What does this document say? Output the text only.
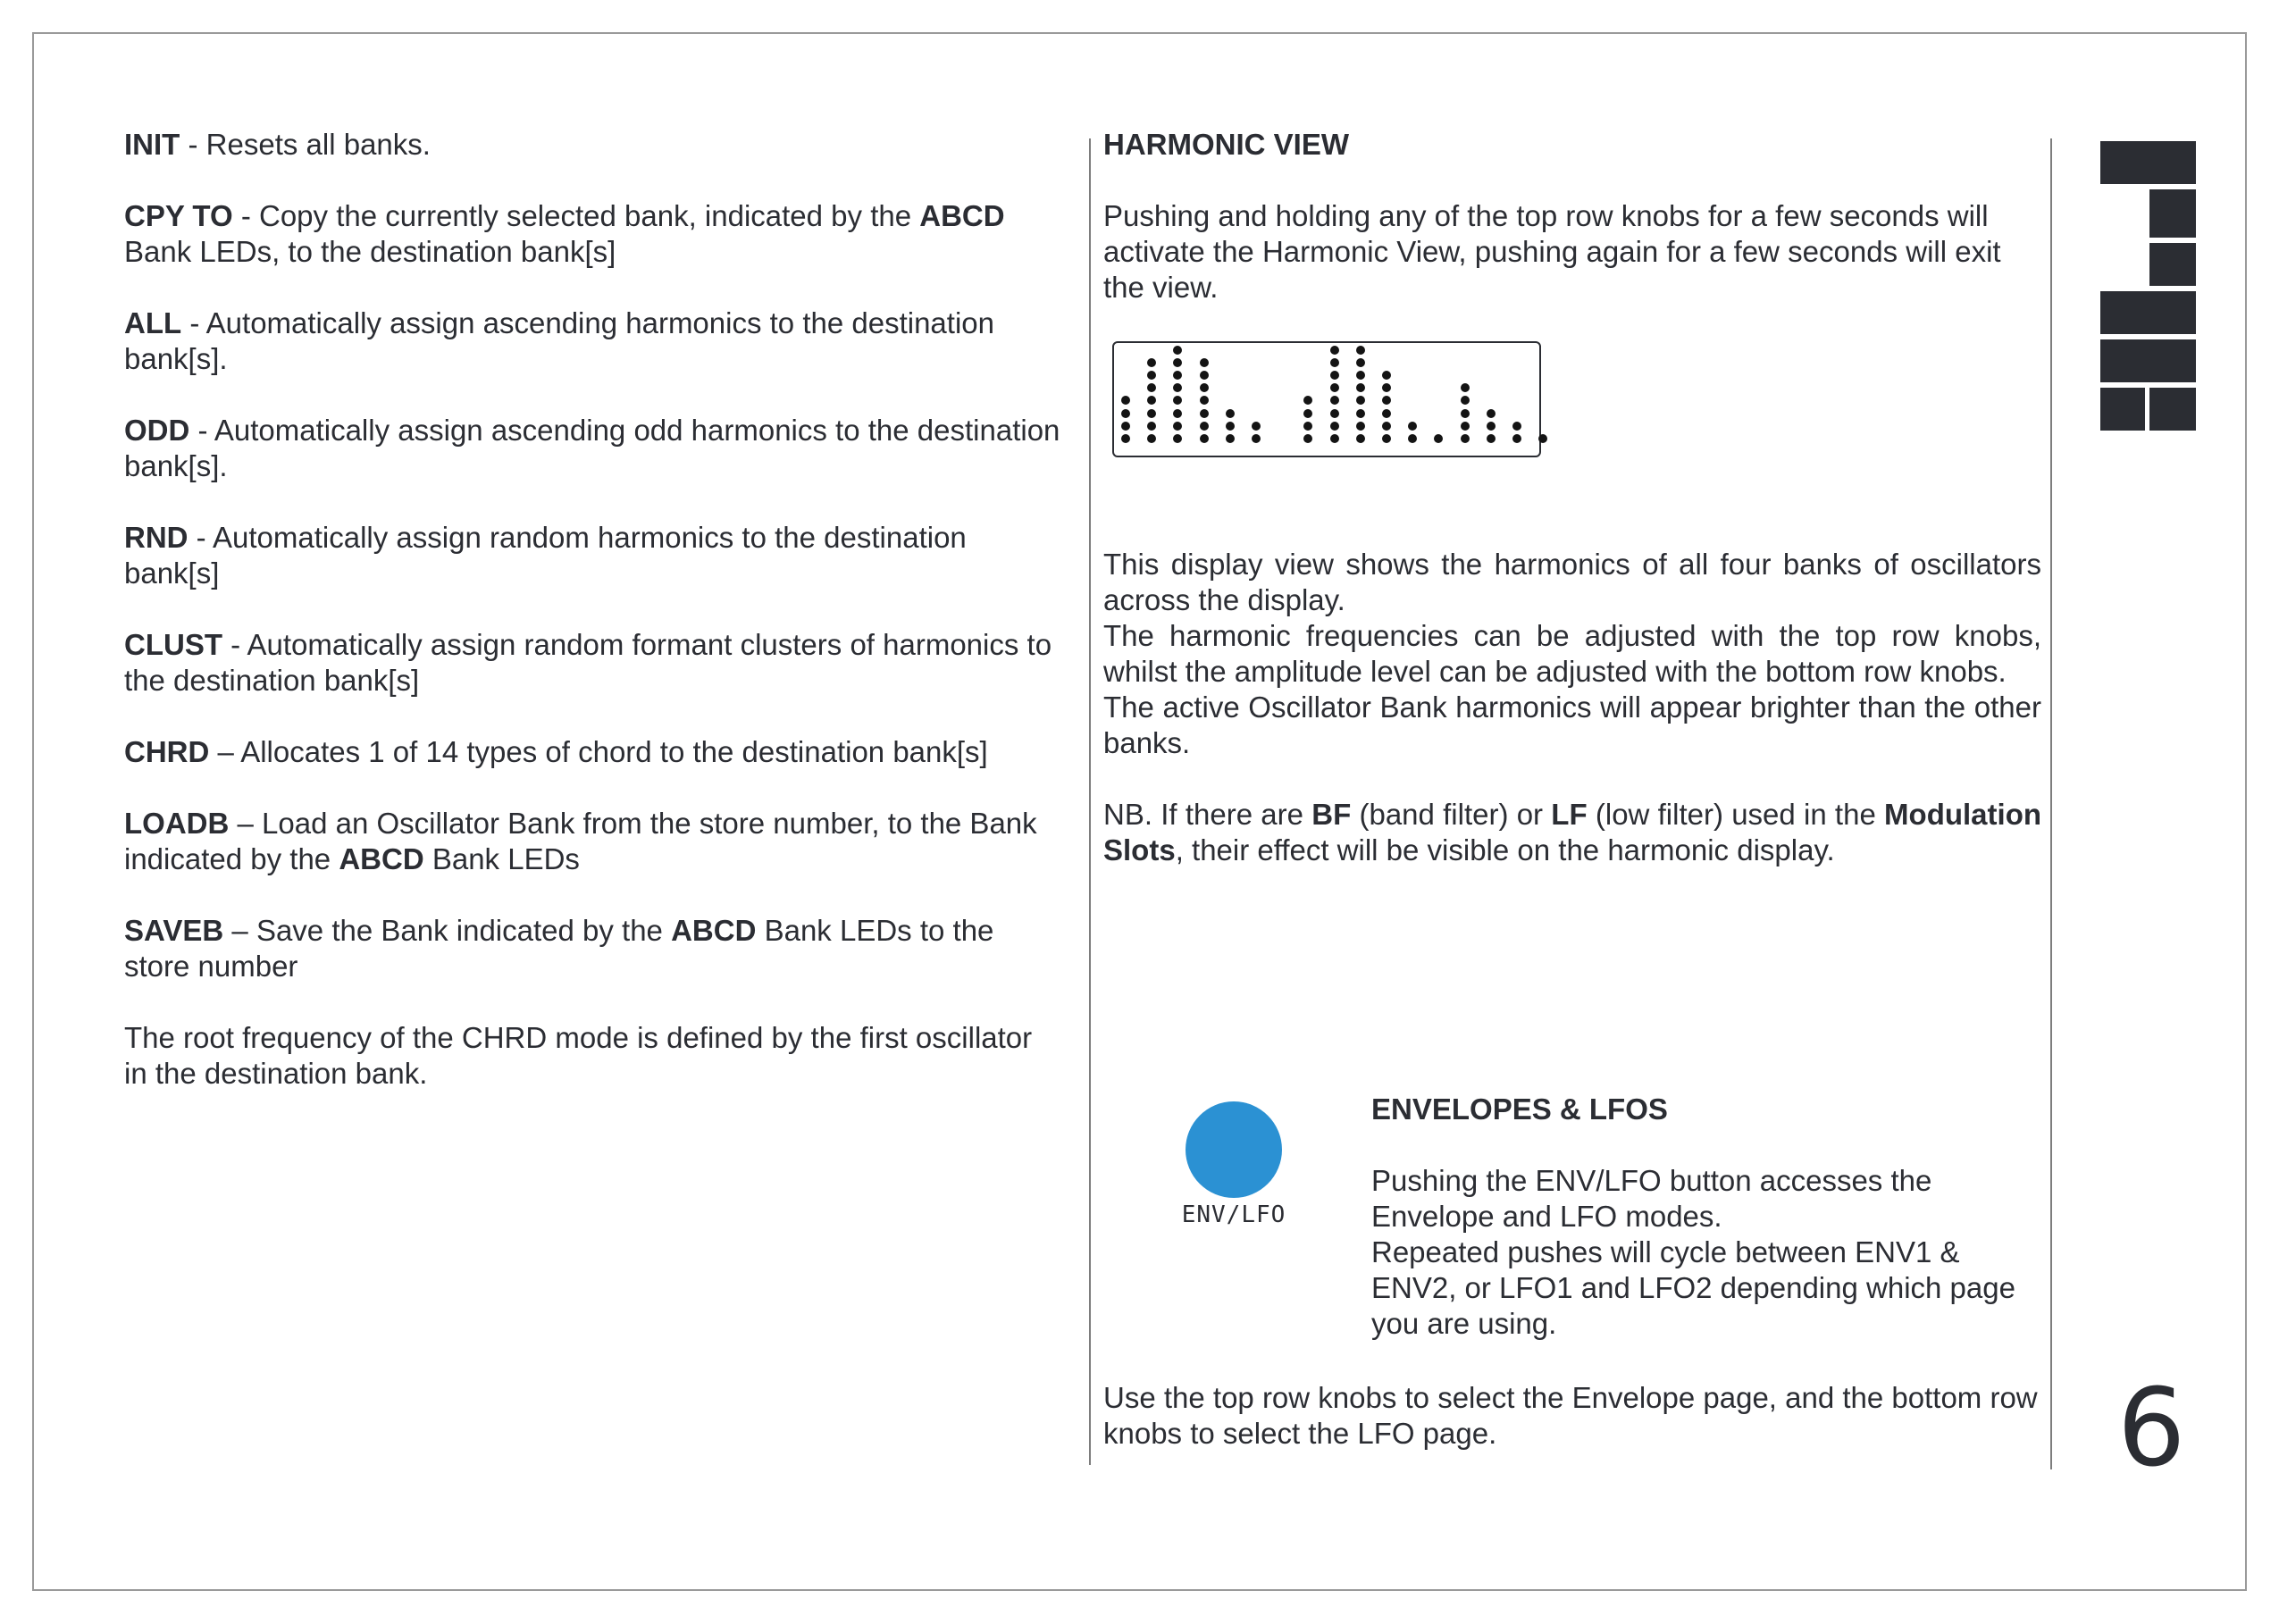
INIT - Resets all banks.

CPY TO - Copy the currently selected bank, indicated by the ABCD Bank LEDs, to the destination bank[s]

ALL - Automatically assign ascending harmonics to the destination bank[s].

ODD - Automatically assign ascending odd harmonics to the destination bank[s].

RND - Automatically assign random harmonics to the destination bank[s]

CLUST - Automatically assign random formant clusters of harmonics to the destination bank[s]

CHRD – Allocates 1 of 14 types of chord to the destination bank[s]

LOADB – Load an Oscillator Bank from the store number, to the Bank indicated by the ABCD Bank LEDs

SAVEB – Save the Bank indicated by the ABCD Bank LEDs to the store number

The root frequency of the CHRD mode is defined by the first oscillator in the destination bank.

HARMONIC VIEW

Pushing and holding any of the top row knobs for a few seconds will activate the Harmonic View, pushing again for a few seconds will exit the view.

This display view shows the harmonics of all four banks of oscillators across the display.
The harmonic frequencies can be adjusted with the top row knobs, whilst the amplitude level can be adjusted with the bottom row knobs.
The active Oscillator Bank harmonics will appear brighter than the other banks.

NB. If there are BF (band filter) or LF (low filter) used in the Modulation Slots, their effect will be visible on the harmonic display.

ENV/LFO
ENVELOPES & LFOS
Pushing the ENV/LFO button accesses the Envelope and LFO modes.
Repeated pushes will cycle between ENV1 & ENV2, or LFO1 and LFO2 depending which page you are using.
Use the top row knobs to select the Envelope page, and the bottom row knobs to select the LFO page.	6
